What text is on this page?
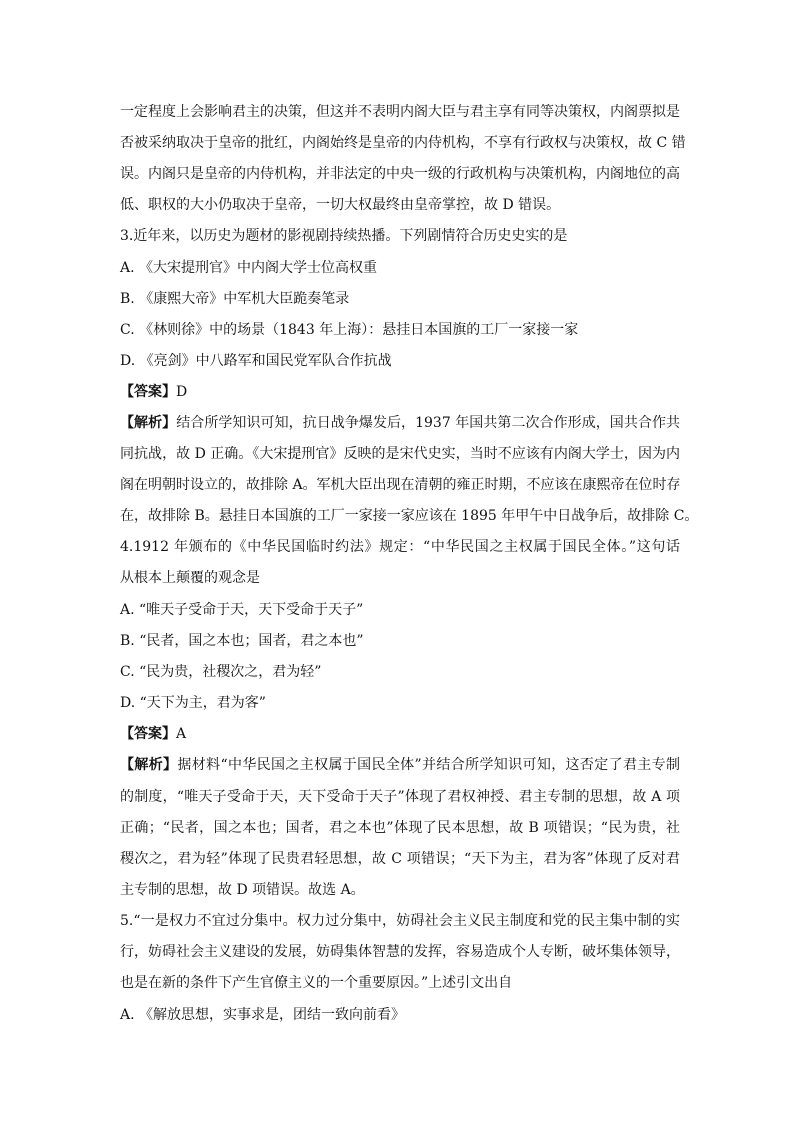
一定程度上会影响君主的决策，但这并不表明内阁大臣与君主享有同等决策权，内阁票拟是
否被采纳取决于皇帝的批红，内阁始终是皇帝的内侍机构，不享有行政权与决策权，故 C 错
误。内阁只是皇帝的内侍机构，并非法定的中央一级的行政机构与决策机构，内阁地位的高
低、职权的大小仍取决于皇帝，一切大权最终由皇帝掌控，故 D 错误。
3.近年来，以历史为题材的影视剧持续热播。下列剧情符合历史史实的是
A. 《大宋提刑官》中内阁大学士位高权重
B. 《康熙大帝》中军机大臣跪奏笔录
C. 《林则徐》中的场景（1843 年上海）：悬挂日本国旗的工厂一家接一家
D. 《亮剑》中八路军和国民党军队合作抗战
【答案】D
【解析】结合所学知识可知，抗日战争爆发后，1937 年国共第二次合作形成，国共合作共
同抗战，故 D 正确。《大宋提刑官》反映的是宋代史实，当时不应该有内阁大学士，因为内
阁在明朝时设立的，故排除 A。军机大臣出现在清朝的雍正时期，不应该在康熙帝在位时存
在，故排除 B。悬挂日本国旗的工厂一家接一家应该在 1895 年甲午中日战争后，故排除 C。
4.1912 年颁布的《中华民国临时约法》规定：“中华民国之主权属于国民全体。”这句话
从根本上颠覆的观念是
A. “唯天子受命于天，天下受命于天子”
B. “民者，国之本也；国者，君之本也”
C. “民为贵，社稷次之，君为轻”
D. “天下为主，君为客”
【答案】A
【解析】据材料“中华民国之主权属于国民全体”并结合所学知识可知，这否定了君主专制
的制度，“唯天子受命于天，天下受命于天子”体现了君权神授、君主专制的思想，故 A 项
正确；“民者，国之本也；国者，君之本也”体现了民本思想，故 B 项错误；“民为贵，社
稷次之，君为轻”体现了民贵君轻思想，故 C 项错误；“天下为主，君为客”体现了反对君
主专制的思想，故 D 项错误。故选 A。
5.“一是权力不宜过分集中。权力过分集中，妨碍社会主义民主制度和党的民主集中制的实
行，妨碍社会主义建设的发展，妨碍集体智慧的发挥，容易造成个人专断，破坏集体领导，
也是在新的条件下产生官僚主义的一个重要原因。”上述引文出自
A. 《解放思想，实事求是，团结一致向前看》
